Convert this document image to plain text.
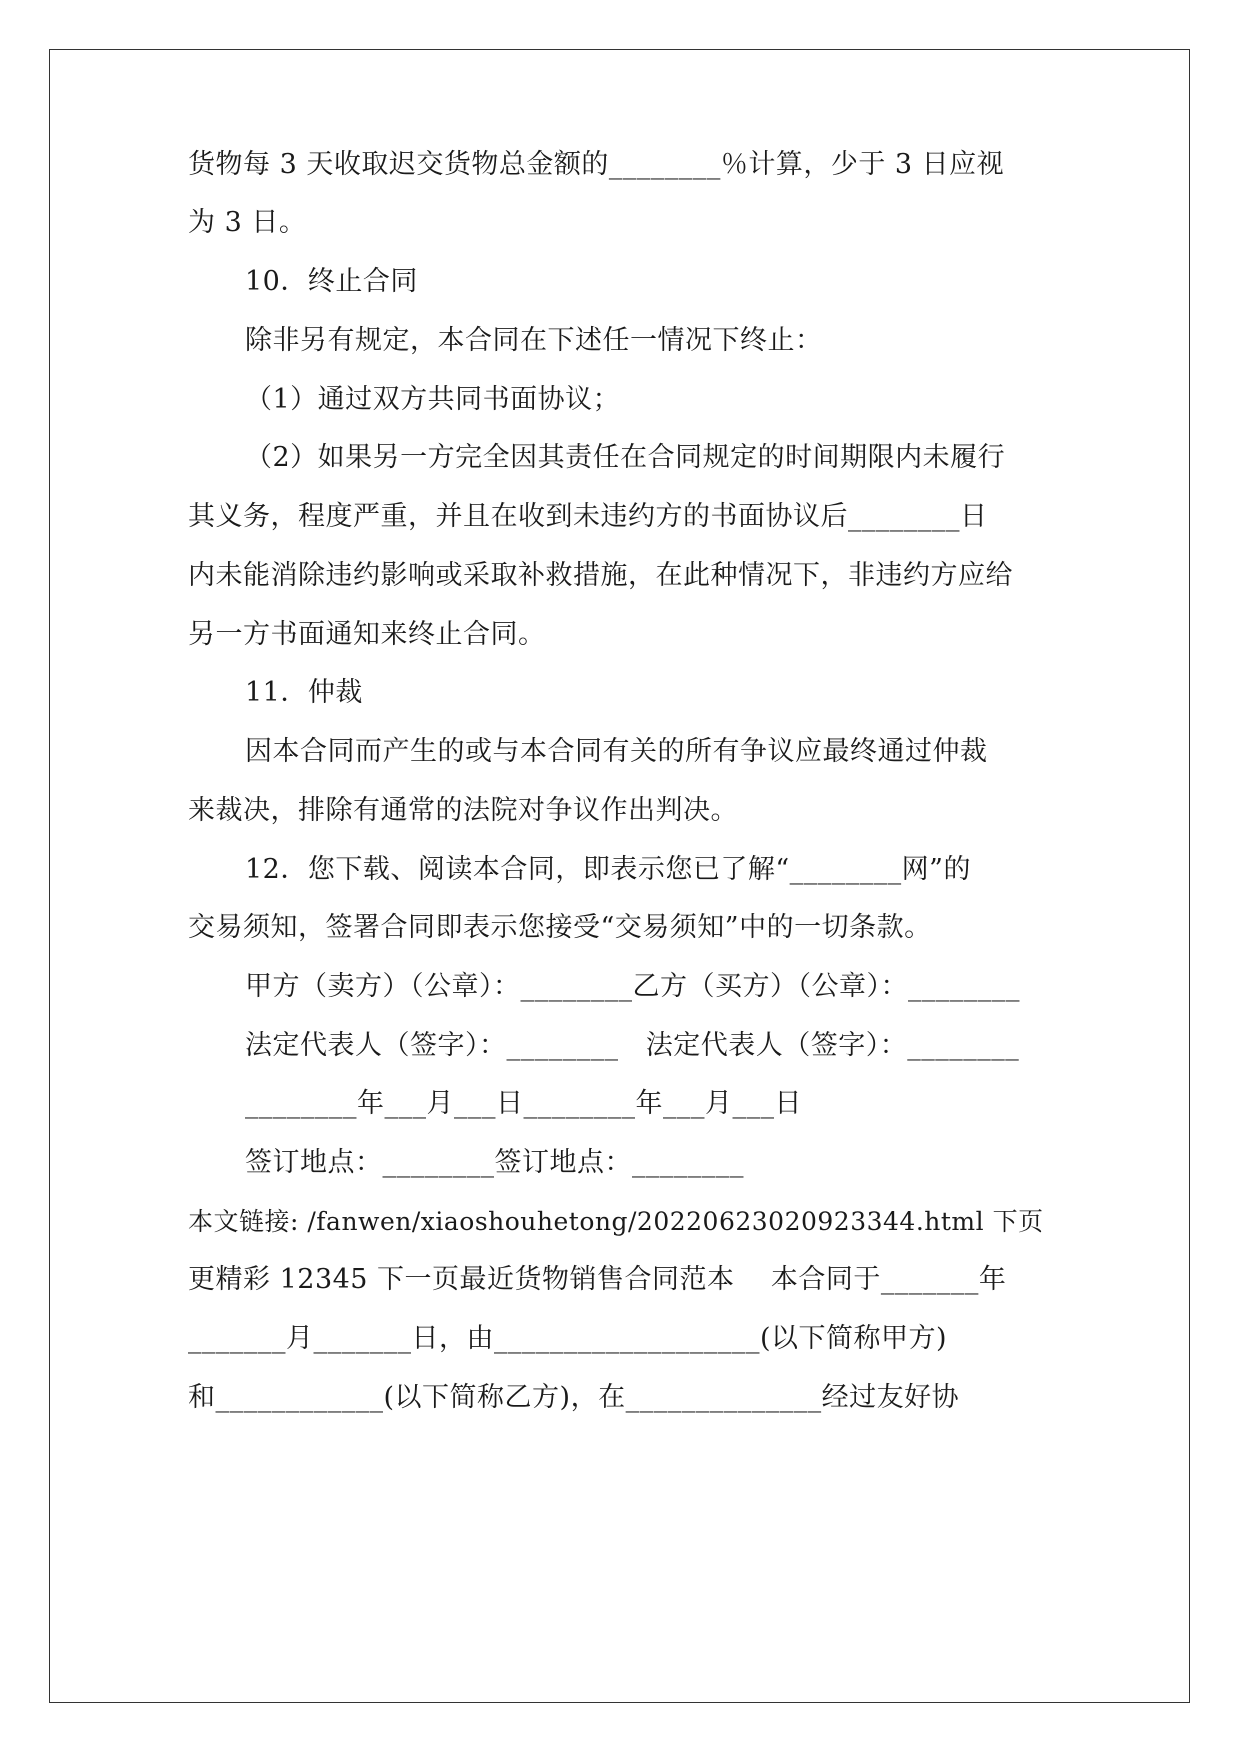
货物每 3 天收取迟交货物总金额的________％计算，少于 3 日应视
为 3 日。
10．终止合同
除非另有规定，本合同在下述任一情况下终止：
（1）通过双方共同书面协议；
（2）如果另一方完全因其责任在合同规定的时间期限内未履行
其义务，程度严重，并且在收到未违约方的书面协议后________日
内未能消除违约影响或采取补救措施，在此种情况下，非违约方应给
另一方书面通知来终止合同。
11．仲裁
因本合同而产生的或与本合同有关的所有争议应最终通过仲裁
来裁决，排除有通常的法院对争议作出判决。
12．您下载、阅读本合同，即表示您已了解“________网”的
交易须知，签署合同即表示您接受“交易须知”中的一切条款。
甲方（卖方）（公章）：________乙方（买方）（公章）：________
法定代表人（签字）：________   法定代表人（签字）：________
________年___月___日________年___月___日
签订地点：________签订地点：________
本文链接: /fanwen/xiaoshouhetong/20220623020923344.html 下页
更精彩 12345 下一页最近货物销售合同范本    本合同于_______年
_______月_______日，由___________________(以下简称甲方)
和____________(以下简称乙方)，在______________经过友好协
